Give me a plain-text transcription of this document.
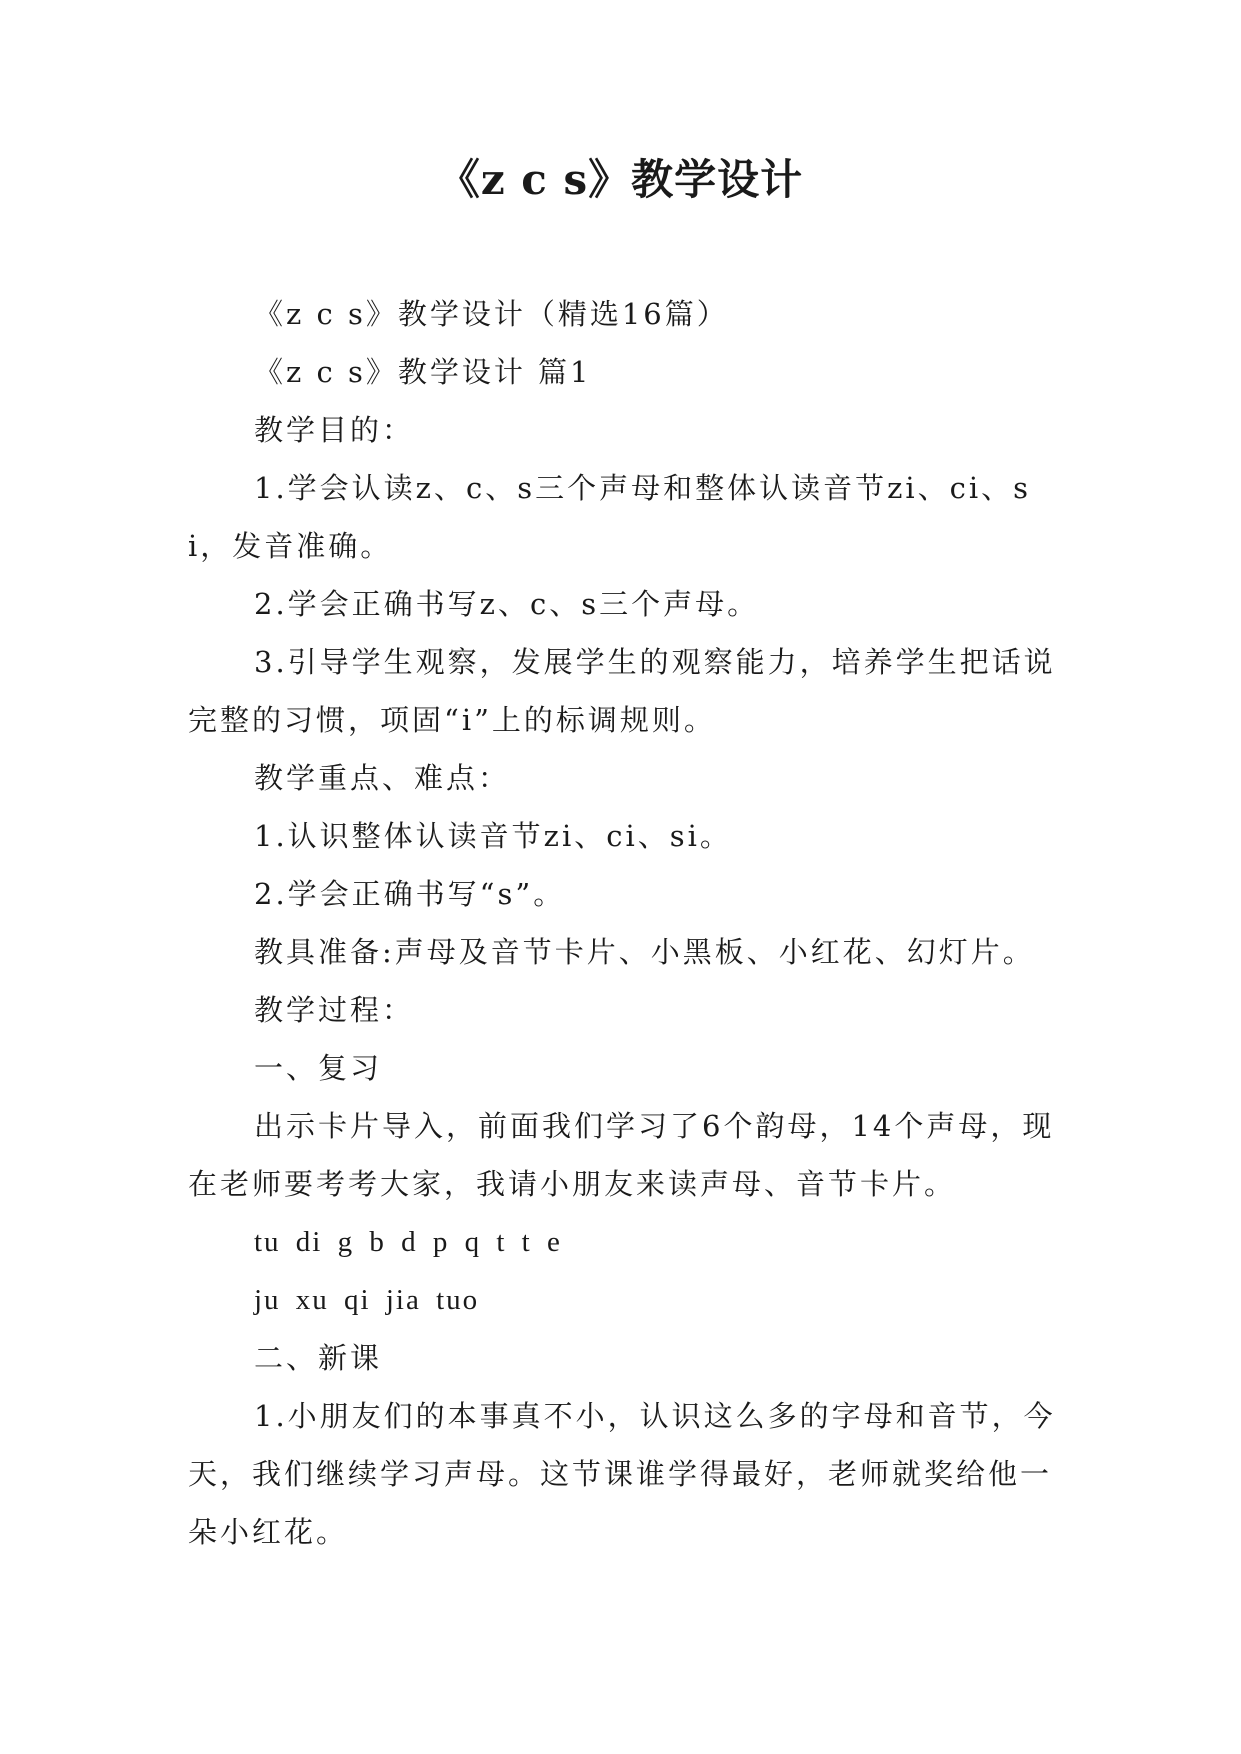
《z c s》教学设计

《z c s》教学设计（精选16篇）

《z c s》教学设计 篇1

教学目的：

1.学会认读z、c、s三个声母和整体认读音节zi、ci、si，发音准确。

2.学会正确书写z、c、s三个声母。

3.引导学生观察，发展学生的观察能力，培养学生把话说完整的习惯，项固“i”上的标调规则。

教学重点、难点：

1.认识整体认读音节zi、ci、si。

2.学会正确书写“s”。

教具准备:声母及音节卡片、小黑板、小红花、幻灯片。

教学过程：

一、复习

出示卡片导入，前面我们学习了6个韵母，14个声母，现在老师要考考大家，我请小朋友来读声母、音节卡片。

tu di g b d p q t t e

ju xu qi jia tuo

二、新课

1.小朋友们的本事真不小，认识这么多的字母和音节，今天，我们继续学习声母。这节课谁学得最好，老师就奖给他一朵小红花。
